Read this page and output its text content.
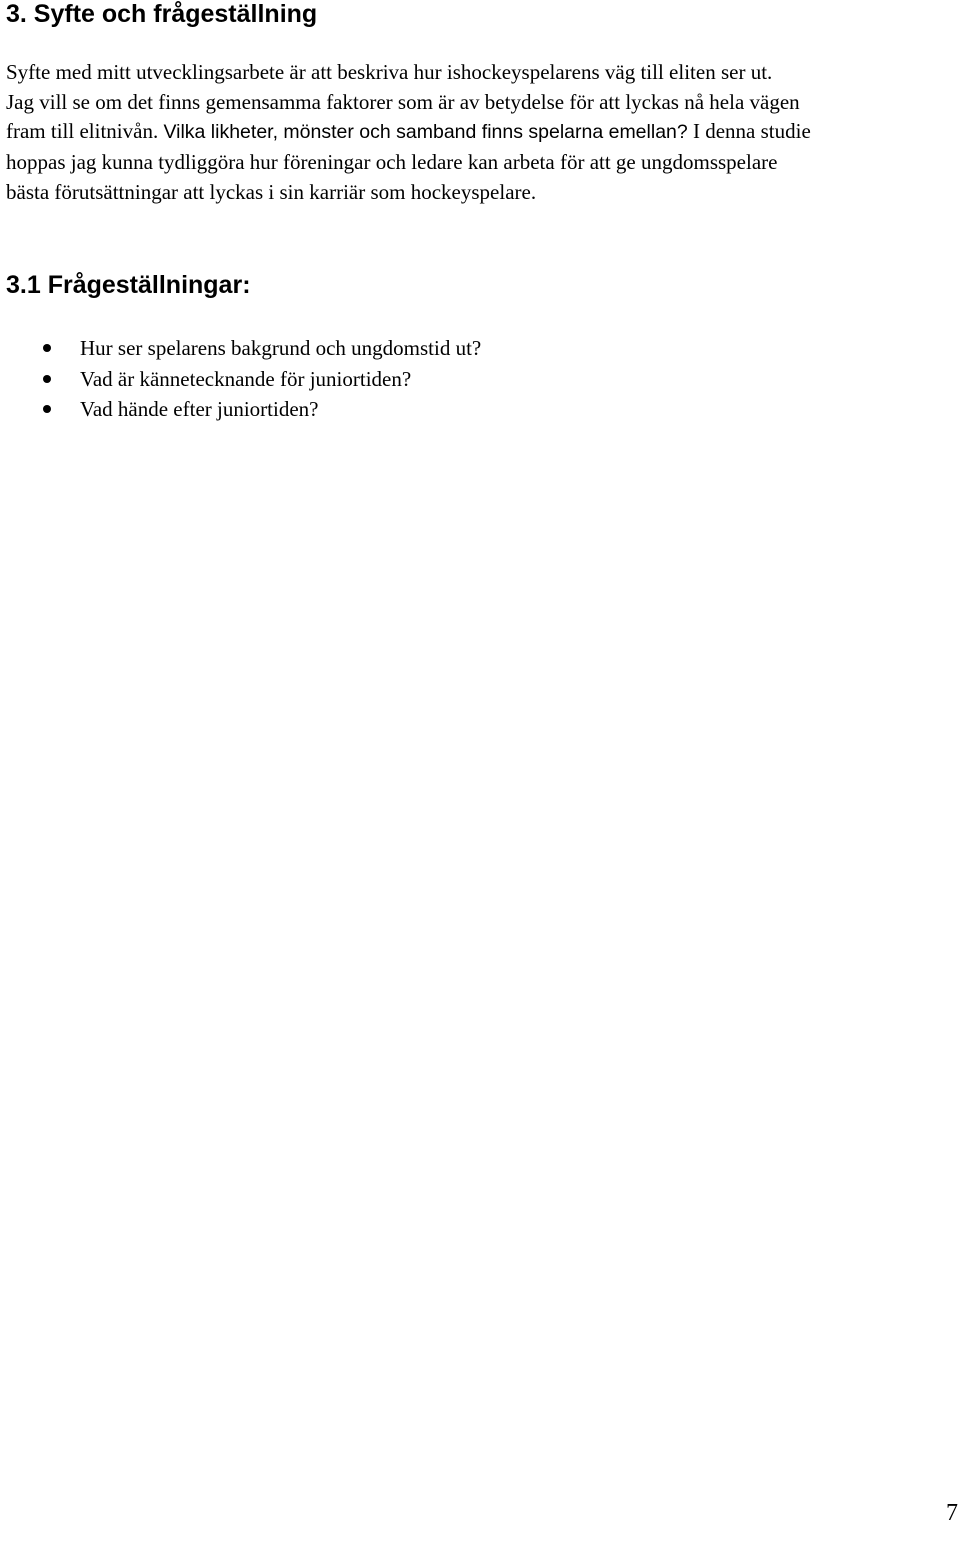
3. Syfte och frågeställning

Syfte med mitt utvecklingsarbete är att beskriva hur ishockeyspelarens väg till eliten ser ut.
Jag vill se om det finns gemensamma faktorer som är av betydelse för att lyckas nå hela vägen
fram till elitnivån. Vilka likheter, mönster och samband finns spelarna emellan? I denna studie
hoppas jag kunna tydliggöra hur föreningar och ledare kan arbeta för att ge ungdomsspelare
bästa förutsättningar att lyckas i sin karriär som hockeyspelare.

3.1 Frågeställningar:
Hur ser spelarens bakgrund och ungdomstid ut?
Vad är kännetecknande för juniortiden?
Vad hände efter juniortiden?
7
